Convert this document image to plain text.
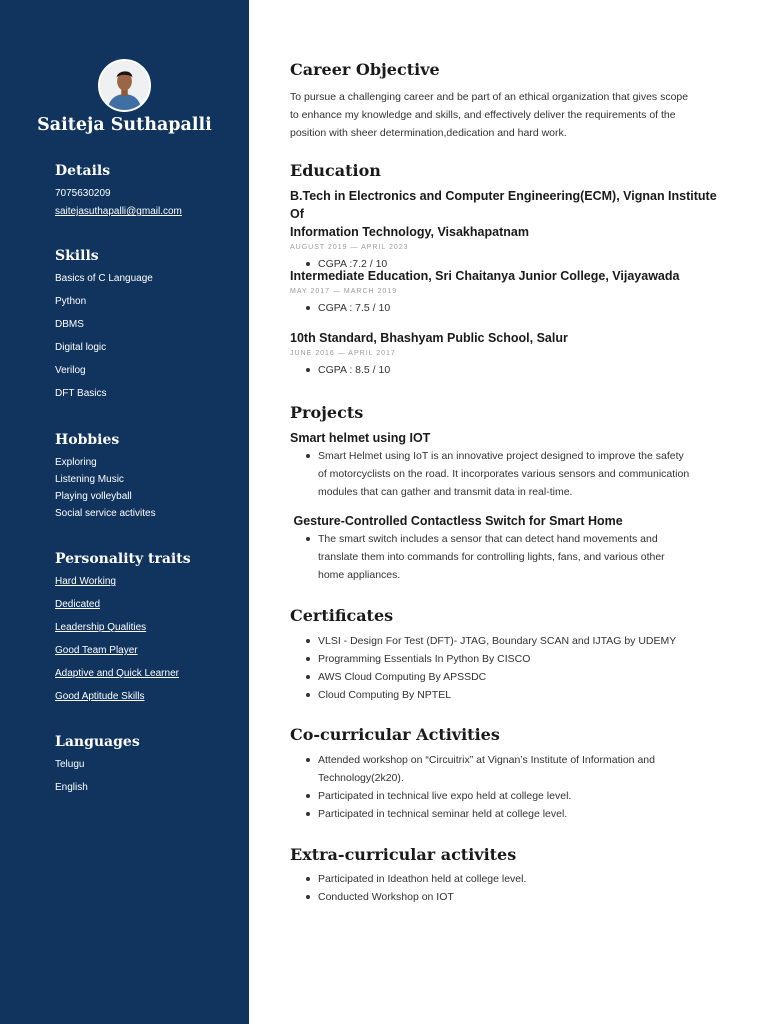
Saiteja Suthapalli
Details
7075630209
saitejasuthapalli@gmail.com
Skills
Basics of C Language
Python
DBMS
Digital logic
Verilog
DFT Basics
Hobbies
Exploring
Listening Music
Playing volleyball
Social service activites
Personality traits
Hard Working
Dedicated
Leadership Qualities
Good Team Player
Adaptive and Quick Learner
Good Aptitude Skills
Languages
Telugu
English
Career Objective
To pursue a challenging career and be part of an ethical organization that gives scope
to enhance my knowledge and skills, and effectively deliver the requirements of the
position with sheer determination,dedication and hard work.
Education
B.Tech in Electronics and Computer Engineering(ECM), Vignan Institute Of
Information Technology, Visakhapatnam
AUGUST 2019 — APRIL 2023
CGPA :7.2 / 10
Intermediate Education, Sri Chaitanya Junior College, Vijayawada
MAY 2017 — MARCH 2019
CGPA : 7.5 / 10
10th Standard, Bhashyam Public School, Salur
JUNE 2016 — APRIL 2017
CGPA : 8.5 / 10
Projects
Smart helmet using IOT
Smart Helmet using IoT is an innovative project designed to improve the safety
of motorcyclists on the road. It incorporates various sensors and communication
modules that can gather and transmit data in real-time.
Gesture-Controlled Contactless Switch for Smart Home
The smart switch includes a sensor that can detect hand movements and
translate them into commands for controlling lights, fans, and various other
home appliances.
Certificates
VLSI - Design For Test (DFT)- JTAG, Boundary SCAN and IJTAG by UDEMY
Programming Essentials In Python By CISCO
AWS Cloud Computing By APSSDC
Cloud Computing By NPTEL
Co-curricular Activities
Attended workshop on “Circuitrix” at Vignan’s Institute of Information and
Technology(2k20).
Participated in technical live expo held at college level.
Participated in technical seminar held at college level.
Extra-curricular activites
Participated in Ideathon held at college level.
Conducted Workshop on IOT
